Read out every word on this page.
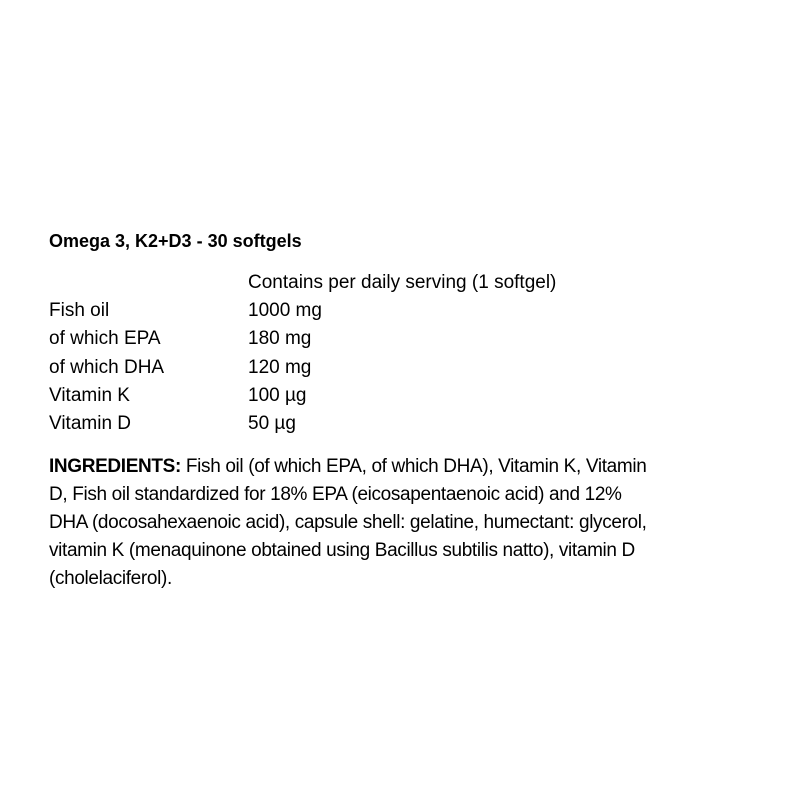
Omega 3, K2+D3 - 30 softgels
Contains per daily serving (1 softgel)
Fish oil	1000 mg
of which EPA	180 mg
of which DHA	120 mg
Vitamin K	100 µg
Vitamin D	50 µg
INGREDIENTS: Fish oil (of which EPA, of which DHA), Vitamin K, Vitamin
D, Fish oil standardized for 18% EPA (eicosapentaenoic acid) and 12%
DHA (docosahexaenoic acid), capsule shell: gelatine, humectant: glycerol,
vitamin K (menaquinone obtained using Bacillus subtilis natto), vitamin D
(cholelaciferol).
